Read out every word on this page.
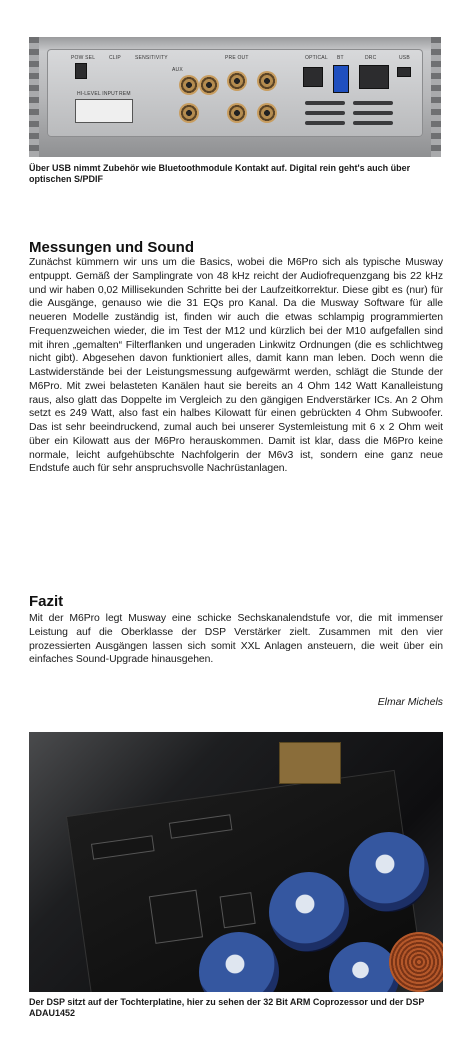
POW SEL	CLIP	SENSITIVITY
AUX
PRE OUT	OPTICAL BT	DRC	USB
HI-LEVEL INPUT REM
Über USB nimmt Zubehör wie Bluetoothmodule Kontakt auf. Digital rein geht's auch über optischen S/PDIF
Messungen und Sound

Zunächst kümmern wir uns um die Basics, wobei die M6Pro sich als typische Musway entpuppt. Gemäß der Samplingrate von 48 kHz reicht der Audiofrequenzgang bis 22 kHz und wir haben 0,02 Millisekunden Schritte bei der Laufzeitkorrektur. Diese gibt es (nur) für die Ausgänge, genauso wie die 31 EQs pro Kanal. Da die Musway Software für alle neueren Modelle zuständig ist, finden wir auch die etwas schlampig programmierten Frequenzweichen wieder, die im Test der M12 und kürzlich bei der M10 aufgefallen sind mit ihren „gemalten“ Filterflanken und ungeraden Linkwitz Ordnungen (die es schlichtweg nicht gibt). Abgesehen davon funktioniert alles, damit kann man leben. Doch wenn die Lastwiderstände bei der Leistungsmessung aufgewärmt werden, schlägt die Stunde der M6Pro. Mit zwei belasteten Kanälen haut sie bereits an 4 Ohm 142 Watt Kanalleistung raus, also glatt das Doppelte im Vergleich zu den gängigen Endverstärker ICs. An 2 Ohm setzt es 249 Watt, also fast ein halbes Kilowatt für einen gebrückten 4 Ohm Subwoofer. Das ist sehr beeindruckend, zumal auch bei unserer Systemleistung mit 6 x 2 Ohm weit über ein Kilowatt aus der M6Pro herauskommen. Damit ist klar, dass die M6Pro keine normale, leicht aufgehübschte Nachfolgerin der M6v3 ist, sondern eine ganz neue Endstufe auch für sehr anspruchsvolle Nachrüstanlagen.

Fazit

Mit der M6Pro legt Musway eine schicke Sechskanalendstufe vor, die mit immenser Leistung auf die Oberklasse der DSP Verstärker zielt. Zusammen mit den vier prozessierten Ausgängen lassen sich somit XXL Anlagen ansteuern, die weit über ein einfaches Sound-Upgrade hinausgehen.

Elmar Michels
Der DSP sitzt auf der Tochterplatine, hier zu sehen der 32 Bit ARM Coprozessor und der DSP ADAU1452
